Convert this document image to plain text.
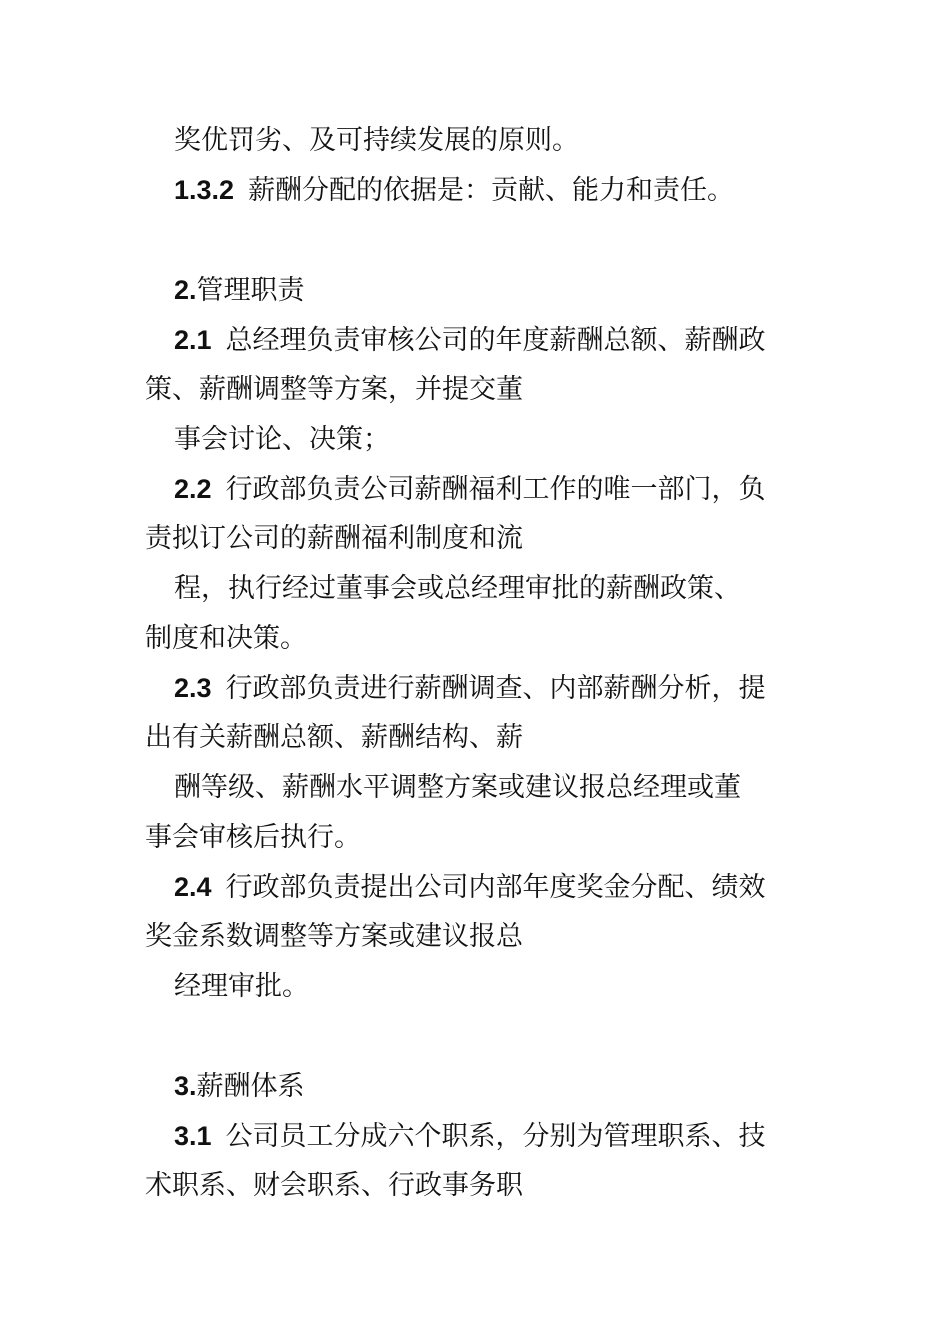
奖优罚劣、及可持续发展的原则。
1.3.2 薪酬分配的依据是：贡献、能力和责任。
2.管理职责
2.1 总经理负责审核公司的年度薪酬总额、薪酬政
策、薪酬调整等方案，并提交董
事会讨论、决策；
2.2 行政部负责公司薪酬福利工作的唯一部门，负
责拟订公司的薪酬福利制度和流
程，执行经过董事会或总经理审批的薪酬政策、
制度和决策。
2.3 行政部负责进行薪酬调查、内部薪酬分析，提
出有关薪酬总额、薪酬结构、薪
酬等级、薪酬水平调整方案或建议报总经理或董
事会审核后执行。
2.4 行政部负责提出公司内部年度奖金分配、绩效
奖金系数调整等方案或建议报总
经理审批。
3.薪酬体系
3.1 公司员工分成六个职系，分别为管理职系、技
术职系、财会职系、行政事务职
